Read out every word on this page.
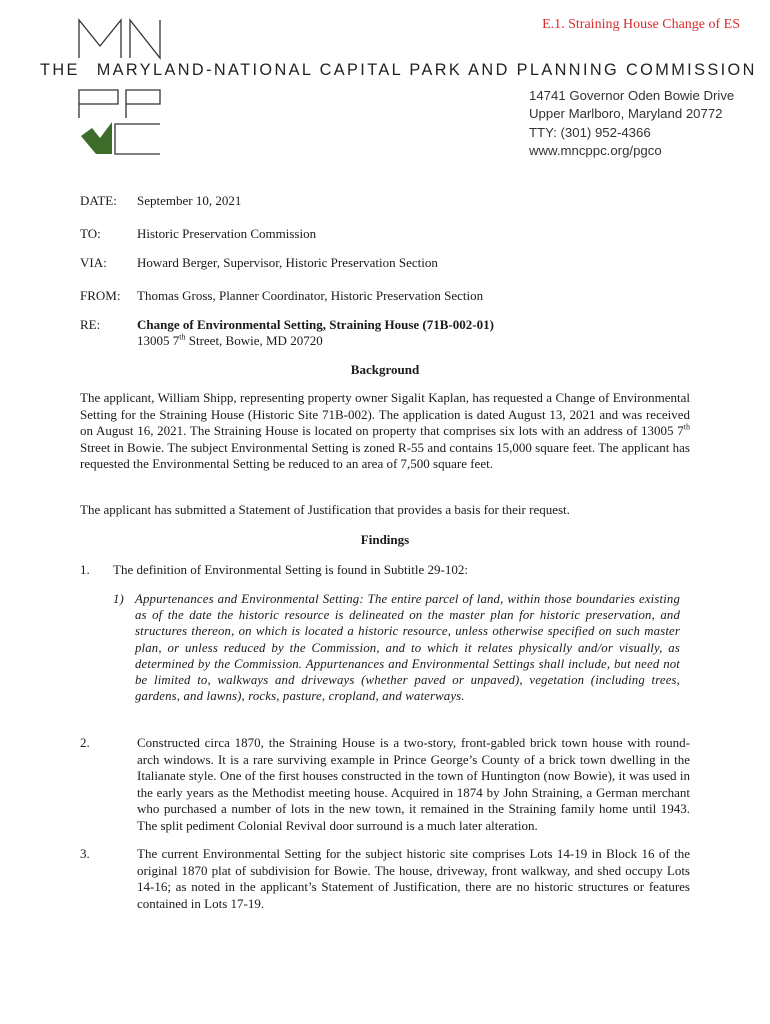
E.1. Straining House Change of ES
THE MARYLAND-NATIONAL CAPITAL PARK AND PLANNING COMMISSION
14741 Governor Oden Bowie Drive
Upper Marlboro, Maryland 20772
TTY: (301) 952-4366
www.mncppc.org/pgco
DATE: September 10, 2021
TO:	Historic Preservation Commission
VIA: Howard Berger, Supervisor, Historic Preservation Section
FROM: Thomas Gross, Planner Coordinator, Historic Preservation Section
RE:	Change of Environmental Setting, Straining House (71B-002-01)
13005 7th Street, Bowie, MD 20720
Background
The applicant, William Shipp, representing property owner Sigalit Kaplan, has requested a Change of Environmental Setting for the Straining House (Historic Site 71B-002). The application is dated August 13, 2021 and was received on August 16, 2021. The Straining House is located on property that comprises six lots with an address of 13005 7th Street in Bowie. The subject Environmental Setting is zoned R-55 and contains 15,000 square feet. The applicant has requested the Environmental Setting be reduced to an area of 7,500 square feet.
The applicant has submitted a Statement of Justification that provides a basis for their request.
Findings
1. The definition of Environmental Setting is found in Subtitle 29-102:
1) Appurtenances and Environmental Setting: The entire parcel of land, within those boundaries existing as of the date the historic resource is delineated on the master plan for historic preservation, and structures thereon, on which is located a historic resource, unless otherwise specified on such master plan, or unless reduced by the Commission, and to which it relates physically and/or visually, as determined by the Commission. Appurtenances and Environmental Settings shall include, but need not be limited to, walkways and driveways (whether paved or unpaved), vegetation (including trees, gardens, and lawns), rocks, pasture, cropland, and waterways.
2.	Constructed circa 1870, the Straining House is a two-story, front-gabled brick town house with round-arch windows. It is a rare surviving example in Prince George’s County of a brick town dwelling in the Italianate style. One of the first houses constructed in the town of Huntington (now Bowie), it was used in the early years as the Methodist meeting house. Acquired in 1874 by John Straining, a German merchant who purchased a number of lots in the new town, it remained in the Straining family home until 1943. The split pediment Colonial Revival door surround is a much later alteration.
3.	The current Environmental Setting for the subject historic site comprises Lots 14-19 in Block 16 of the original 1870 plat of subdivision for Bowie. The house, driveway, front walkway, and shed occupy Lots 14-16; as noted in the applicant’s Statement of Justification, there are no historic structures or features contained in Lots 17-19.
